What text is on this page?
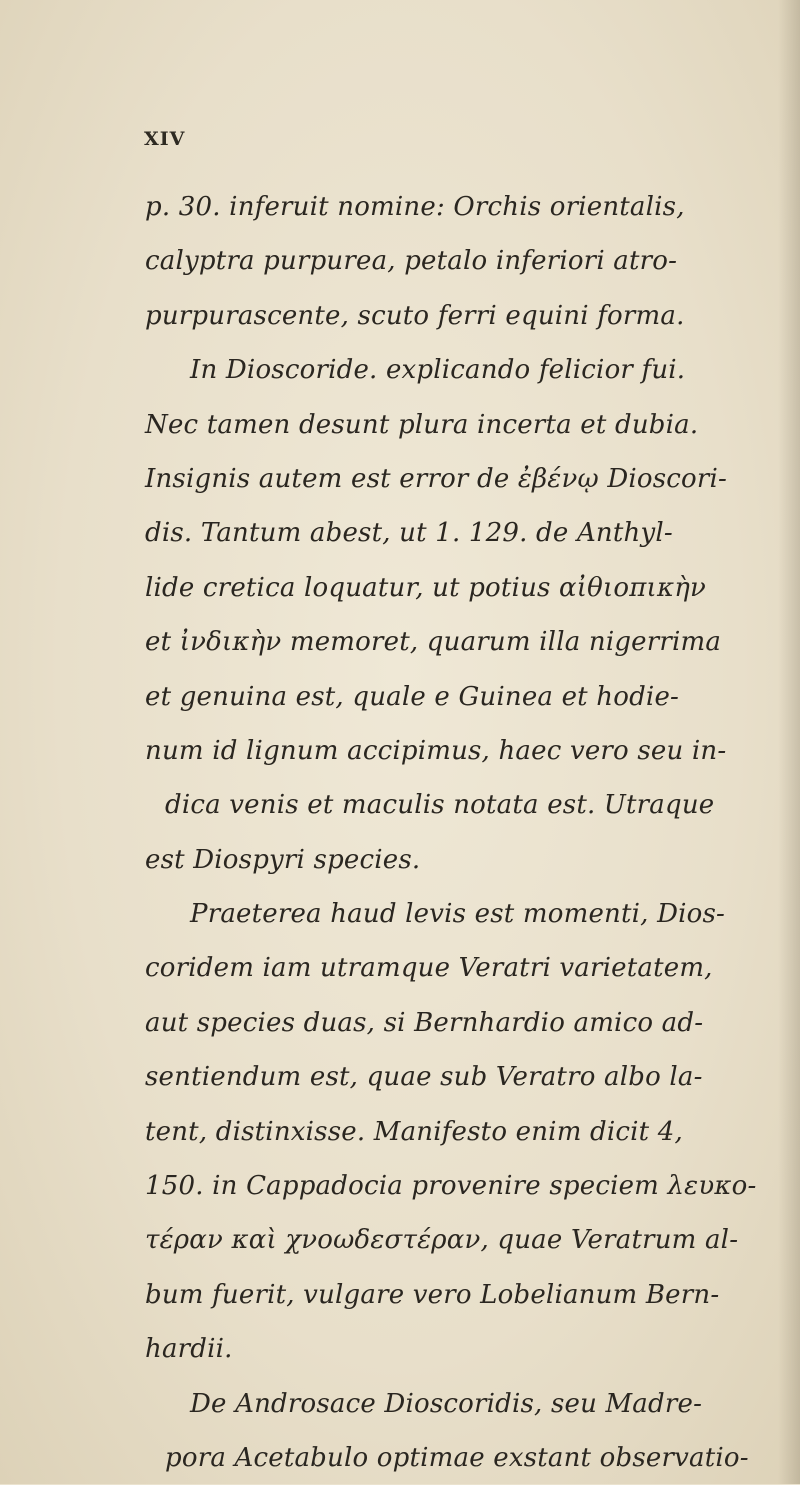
XIV
p. 30. inferuit nomine: Orchis orientalis,
calyptra purpurea, petalo inferiori atro-
purpurascente, scuto ferri equini forma.
In Dioscoride. explicando felicior fui.
Nec tamen desunt plura incerta et dubia.
Insignis autem est error de ἐβένῳ Dioscori-
dis. Tantum abest, ut 1. 129. de Anthyl-
lide cretica loquatur, ut potius αἰθιοπικὴν
et ἰνδικὴν memoret, quarum illa nigerrima
et genuina est, quale e Guinea et hodie-
num id lignum accipimus, haec vero seu in-
dica venis et maculis notata est. Utraque
est Diospyri species.
Praeterea haud levis est momenti, Dios-
coridem iam utramque Veratri varietatem,
aut species duas, si Bernhardio amico ad-
sentiendum est, quae sub Veratro albo la-
tent, distinxisse. Manifesto enim dicit 4,
150. in Cappadocia provenire speciem λευκο-
τέραν καὶ χνοωδεστέραν, quae Veratrum al-
bum fuerit, vulgare vero Lobelianum Bern-
hardii.
De Androsace Dioscoridis, seu Madre-
pora Acetabulo optimae exstant observatio-
